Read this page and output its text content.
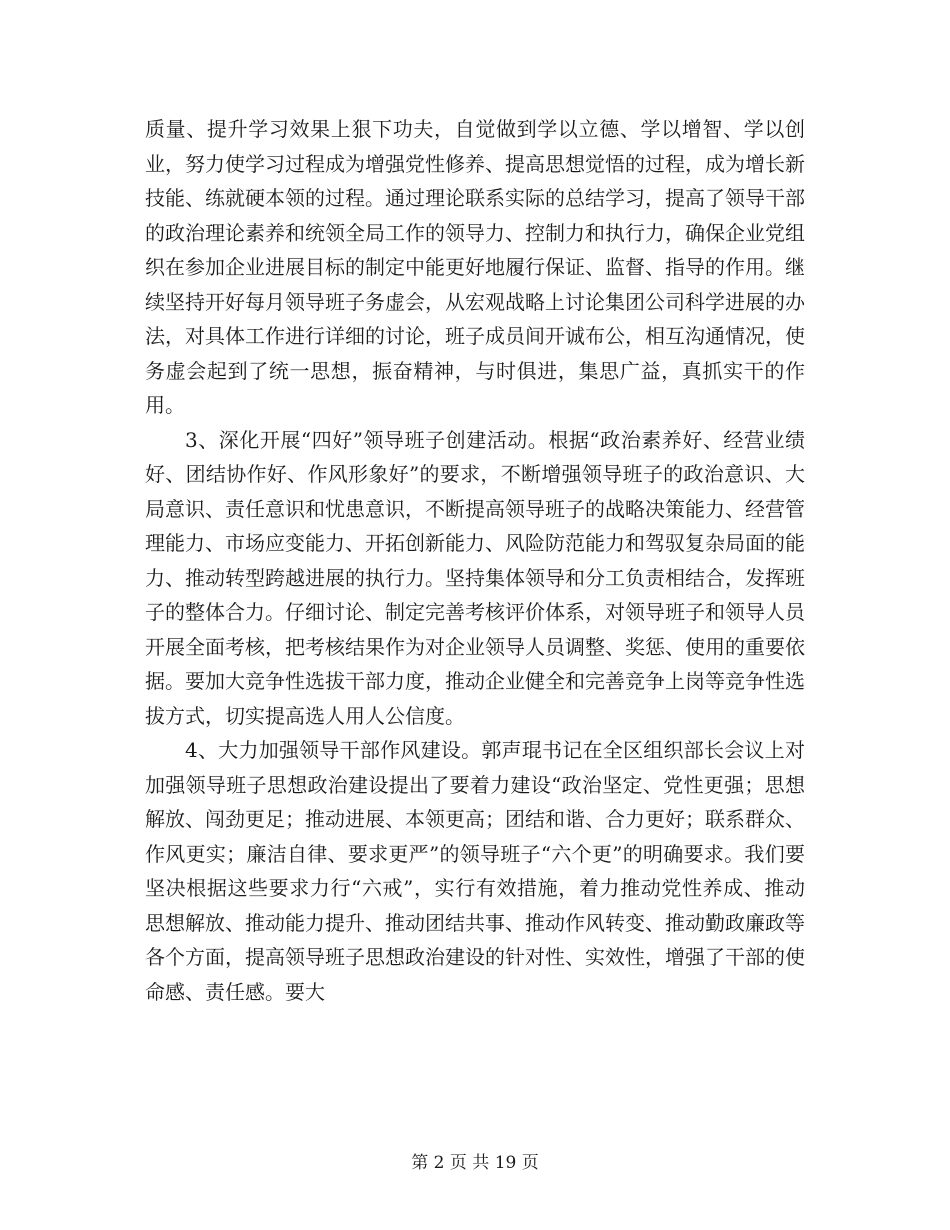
质量、提升学习效果上狠下功夫，自觉做到学以立德、学以增智、学以创业，努力使学习过程成为增强党性修养、提高思想觉悟的过程，成为增长新技能、练就硬本领的过程。通过理论联系实际的总结学习，提高了领导干部的政治理论素养和统领全局工作的领导力、控制力和执行力，确保企业党组织在参加企业进展目标的制定中能更好地履行保证、监督、指导的作用。继续坚持开好每月领导班子务虚会，从宏观战略上讨论集团公司科学进展的办法，对具体工作进行详细的讨论，班子成员间开诚布公，相互沟通情况，使务虚会起到了统一思想，振奋精神，与时俱进，集思广益，真抓实干的作用。

3、深化开展“四好”领导班子创建活动。根据“政治素养好、经营业绩好、团结协作好、作风形象好”的要求，不断增强领导班子的政治意识、大局意识、责任意识和忧患意识，不断提高领导班子的战略决策能力、经营管理能力、市场应变能力、开拓创新能力、风险防范能力和驾驭复杂局面的能力、推动转型跨越进展的执行力。坚持集体领导和分工负责相结合，发挥班子的整体合力。仔细讨论、制定完善考核评价体系，对领导班子和领导人员开展全面考核，把考核结果作为对企业领导人员调整、奖惩、使用的重要依据。要加大竞争性选拔干部力度，推动企业健全和完善竞争上岗等竞争性选拔方式，切实提高选人用人公信度。

4、大力加强领导干部作风建设。郭声琨书记在全区组织部长会议上对加强领导班子思想政治建设提出了要着力建设“政治坚定、党性更强；思想解放、闯劲更足；推动进展、本领更高；团结和谐、合力更好；联系群众、作风更实；廉洁自律、要求更严”的领导班子“六个更”的明确要求。我们要坚决根据这些要求力行“六戒”，实行有效措施，着力推动党性养成、推动思想解放、推动能力提升、推动团结共事、推动作风转变、推动勤政廉政等各个方面，提高领导班子思想政治建设的针对性、实效性，增强了干部的使命感、责任感。要大

第 2 页 共 19 页
